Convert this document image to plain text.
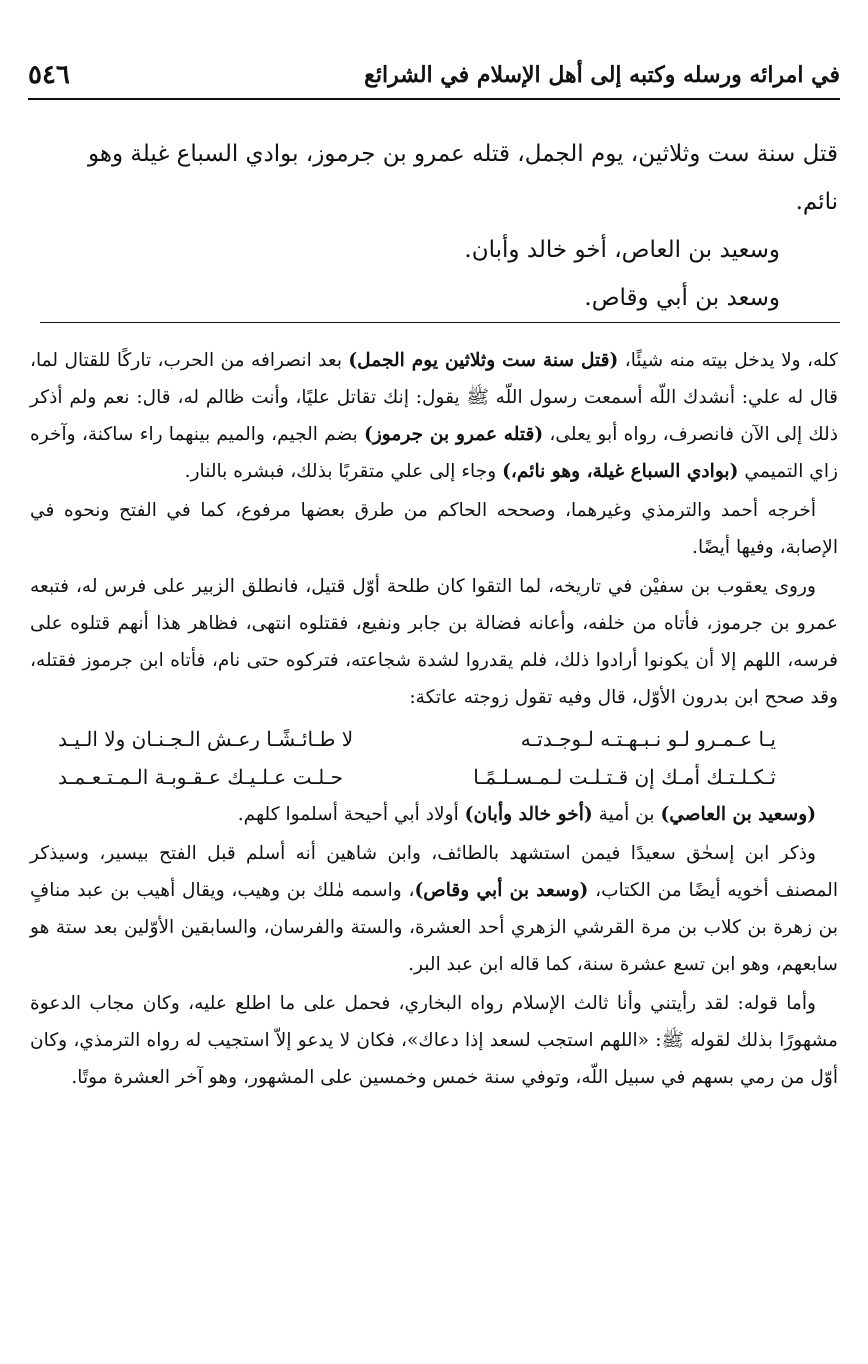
في امرائه ورسله وكتبه إلى أهل الإسلام في الشرائع
٥٤٦

قتل سنة ست وثلاثين، يوم الجمل، قتله عمرو بن جرموز، بوادي السباع غيلة وهو

نائم.

وسعيد بن العاص، أخو خالد وأبان.

وسعد بن أبي وقاص.

كله، ولا يدخل بيته منه شيئًا، (قتل سنة ست وثلاثين يوم الجمل) بعد انصرافه من الحرب، تاركًا للقتال لما، قال له علي: أنشدك اللّه أسمعت رسول اللّه ﷺ يقول: إنك تقاتل عليًا، وأنت ظالم له، قال: نعم ولم أذكر ذلك إلى الآن فانصرف، رواه أبو يعلى، (قتله عمرو بن جرموز) بضم الجيم، والميم بينهما راء ساكنة، وآخره زاي التميمي (بوادي السباع غيلة، وهو نائم،) وجاء إلى علي متقربًا بذلك، فبشره بالنار.

أخرجه أحمد والترمذي وغيرهما، وصححه الحاكم من طرق بعضها مرفوع، كما في الفتح ونحوه في الإصابة، وفيها أيضًا.

وروى يعقوب بن سفيْن في تاريخه، لما التقوا كان طلحة أوّل قتيل، فانطلق الزبير على فرس له، فتبعه عمرو بن جرموز، فأتاه من خلفه، وأعانه فضالة بن جابر ونفيع، فقتلوه انتهى، فظاهر هذا أنهم قتلوه على فرسه، اللهم إلا أن يكونوا أرادوا ذلك، فلم يقدروا لشدة شجاعته، فتركوه حتى نام، فأتاه ابن جرموز فقتله، وقد صحح ابن بدرون الأوّل، قال وفيه تقول زوجته عاتكة:

يـا عـمـرو لـو نـبـهـتـه لـوجـدتـه
لا طـائـشًـا رعـش الـجـنـان ولا الـيـد
ثـكـلـتـك أمـك إن قـتـلـت لـمـسـلـمًـا
حـلـت عـلـيـك عـقـوبـة الـمـتـعـمـد

(وسعيد بن العاصي) بن أمية (أخو خالد وأبان) أولاد أبي أحيحة أسلموا كلهم.

وذكر ابن إسحٰق سعيدًا فيمن استشهد بالطائف، وابن شاهين أنه أسلم قبل الفتح بيسير، وسيذكر المصنف أخويه أيضًا من الكتاب، (وسعد بن أبي وقاص)، واسمه مٰلك بن وهيب، ويقال أهيب بن عبد منافٍ بن زهرة بن كلاب بن مرة القرشي الزهري أحد العشرة، والستة والفرسان، والسابقين الأوّلين بعد ستة هو سابعهم، وهو ابن تسع عشرة سنة، كما قاله ابن عبد البر.

وأما قوله: لقد رأيتني وأنا ثالث الإسلام رواه البخاري، فحمل على ما اطلع عليه، وكان مجاب الدعوة مشهورًا بذلك لقوله ﷺ: «اللهم استجب لسعد إذا دعاك»، فكان لا يدعو إلاّ استجيب له رواه الترمذي، وكان أوّل من رمي بسهم في سبيل اللّه، وتوفي سنة خمس وخمسين على المشهور، وهو آخر العشرة موتًا.
